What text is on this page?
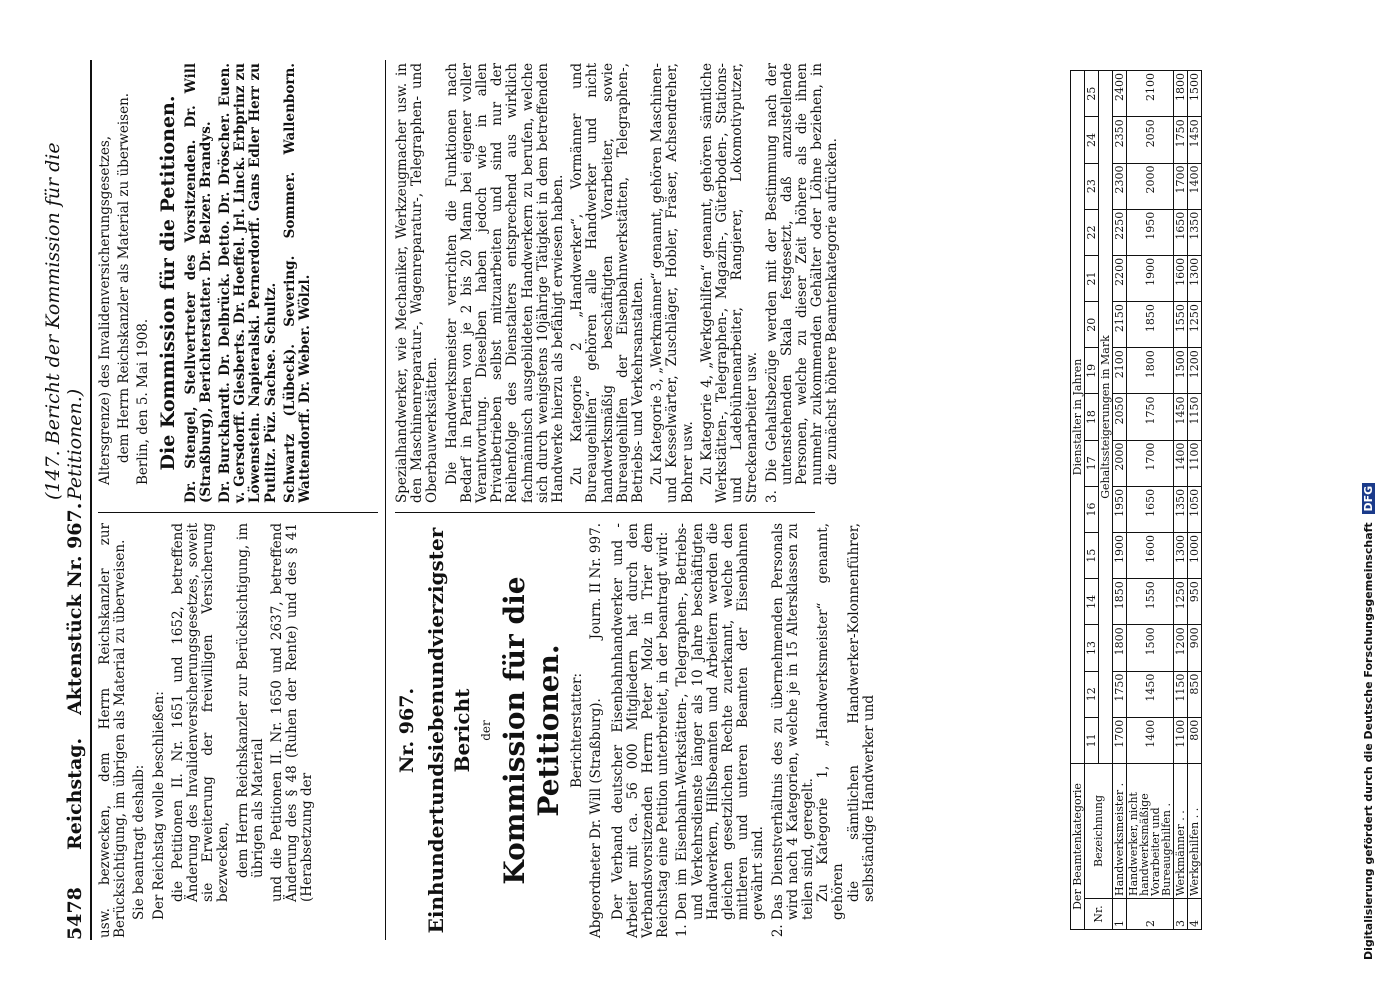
5478
Reichstag.
Aktenstück Nr. 967.
(147. Bericht der Kommission für die Petitionen.)

usw. bezwecken, dem Herrn Reichskanzler zur Berücksichtigung, im übrigen als Material zu überweisen. Sie beantragt deshalb: Der Reichstag wolle beschließen: die Petitionen II. Nr. 1651 und 1652, betreffend Änderung des Invalidenversicherungsgesetzes, soweit sie Erweiterung der freiwilligen Versicherung bezwecken, dem Herrn Reichskanzler zur Berücksichtigung, im übrigen als Material und die Petitionen II. Nr. 1650 und 2637, betreffend Änderung des § 48 (Ruhen der Rente) und des § 41 (Herabsetzung der

Altersgrenze) des Invalidenversicherungsgesetzes, dem Herrn Reichskanzler als Material zu überweisen. Berlin, den 5. Mai 1908. Die Kommission für die Petitionen. Dr. Stengel, Stellvertreter des Vorsitzenden. Dr. Will (Straßburg), Berichterstatter. Dr. Belzer. Brandys. Dr. Burckhardt. Dr. Delbrück. Detto. Dr. Dröscher. Euen. v. Gersdorff. Giesberts. Dr. Hoeffel. Jrl. Linck. Erbprinz zu Löwenstein. Napieralski. Pernerdorff. Gans Edler Herr zu Putlitz. Püz. Sachse. Schultz. Schwartz (Lübeck). Severing. Sommer. Wallenborn. Wattendorff. Dr. Weber. Wölzl.

Nr. 967. Einhundertundsiebenundvierzigster Bericht der Kommission für die Petitionen. Berichterstatter: Abgeordneter Dr. Will (Straßburg).
Journ. II Nr. 997. Der Verband deutscher Eisenbahnhandwerker und -Arbeiter mit ca. 56 000 Mitgliedern hat durch den Verbandsvorsitzenden Herrn Peter Molz in Trier dem Reichstag eine Petition unterbreitet, in der beantragt wird: 1. Den im Eisenbahn-Werkstätten-, Telegraphen-, Betriebs- und Verkehrsdienste länger als 10 Jahre beschäftigten Handwerkern, Hilfsbeamten und Arbeitern werden die gleichen gesetzlichen Rechte zuerkannt, welche den mittleren und unteren Beamten der Eisenbahnen gewährt sind. 2. Das Dienstverhältnis des zu übernehmenden Personals wird nach 4 Kategorien, welche je in 15 Altersklassen zu teilen sind, geregelt. Zu Kategorie 1, „Handwerksmeister“ genannt, gehören die sämtlichen Handwerker-Kolonnenführer, selbständige Handwerker und

Spezialhandwerker, wie Mechaniker, Werkzeugmacher usw. in den Maschinenreparatur-, Wagenreparatur-, Telegraphen- und Oberbauwerkstätten. Die Handwerksmeister verrichten die Funktionen nach Bedarf in Partien von je 2 bis 20 Mann bei eigener voller Verantwortung. Dieselben haben jedoch wie in allen Privatbetrieben selbst mitzuarbeiten und sind nur der Reihenfolge des Dienstalters entsprechend aus wirklich fachmännisch ausgebildeten Handwerkern zu berufen, welche sich durch wenigstens 10jährige Tätigkeit in dem betreffenden Handwerke hierzu als befähigt erwiesen haben. Zu Kategorie 2 „Handwerker“, Vormänner und Bureaugehilfen“ gehören alle Handwerker und nicht handwerksmäßig beschäftigten Vorarbeiter, sowie Bureaugehilfen der Eisenbahnwerkstätten, Telegraphen-, Betriebs- und Verkehrsanstalten. Zu Kategorie 3, „Werkmänner“ genannt, gehören Maschinen- und Kesselwärter, Zuschläger, Hobler, Fräser, Achsendreher, Bohrer usw. Zu Kategorie 4, „Werkgehilfen“ genannt, gehören sämtliche Werkstätten-, Telegraphen-, Magazin-, Güterboden-, Stations- und Ladebühnenarbeiter, Rangierer, Lokomotivputzer, Streckenarbeiter usw. 3. Die Gehaltsbezüge werden mit der Bestimmung nach der untenstehenden Skala festgesetzt, daß anzustellende Personen, welche zu dieser Zeit höhere als die ihnen nunmehr zukommenden Gehälter oder Löhne beziehen, in die zunächst höhere Beamtenkategorie aufrücken.

Der Beamtenkategorie		Dienstalter in Jahren														
Nr.	Bezeichnung	11	12	13	14	15	16	17	18	19	20	21	22	23	24	25
		Gehaltssteigerungen in Mark														
1	Handwerksmeister .	1700	1750	1800	1850	1900	1950	2000	2050	2100	2150	2200	2250	2300	2350	2400
2	Handwerker, nicht handwerksmäßige Vorarbeiter und Bureaugehilfen .	1400	1450	1500	1550	1600	1650	1700	1750	1800	1850	1900	1950	2000	2050	2100
3	Werkmänner . .	1100	1150	1200	1250	1300	1350	1400	1450	1500	1550	1600	1650	1700	1750	1800
4	Werkgehilfen . .	800	850	900	950	1000	1050	1100	1150	1200	1250	1300	1350	1400	1450	1500
Digitalisierung gefördert durch die Deutsche Forschungsgemeinschaft DFG
